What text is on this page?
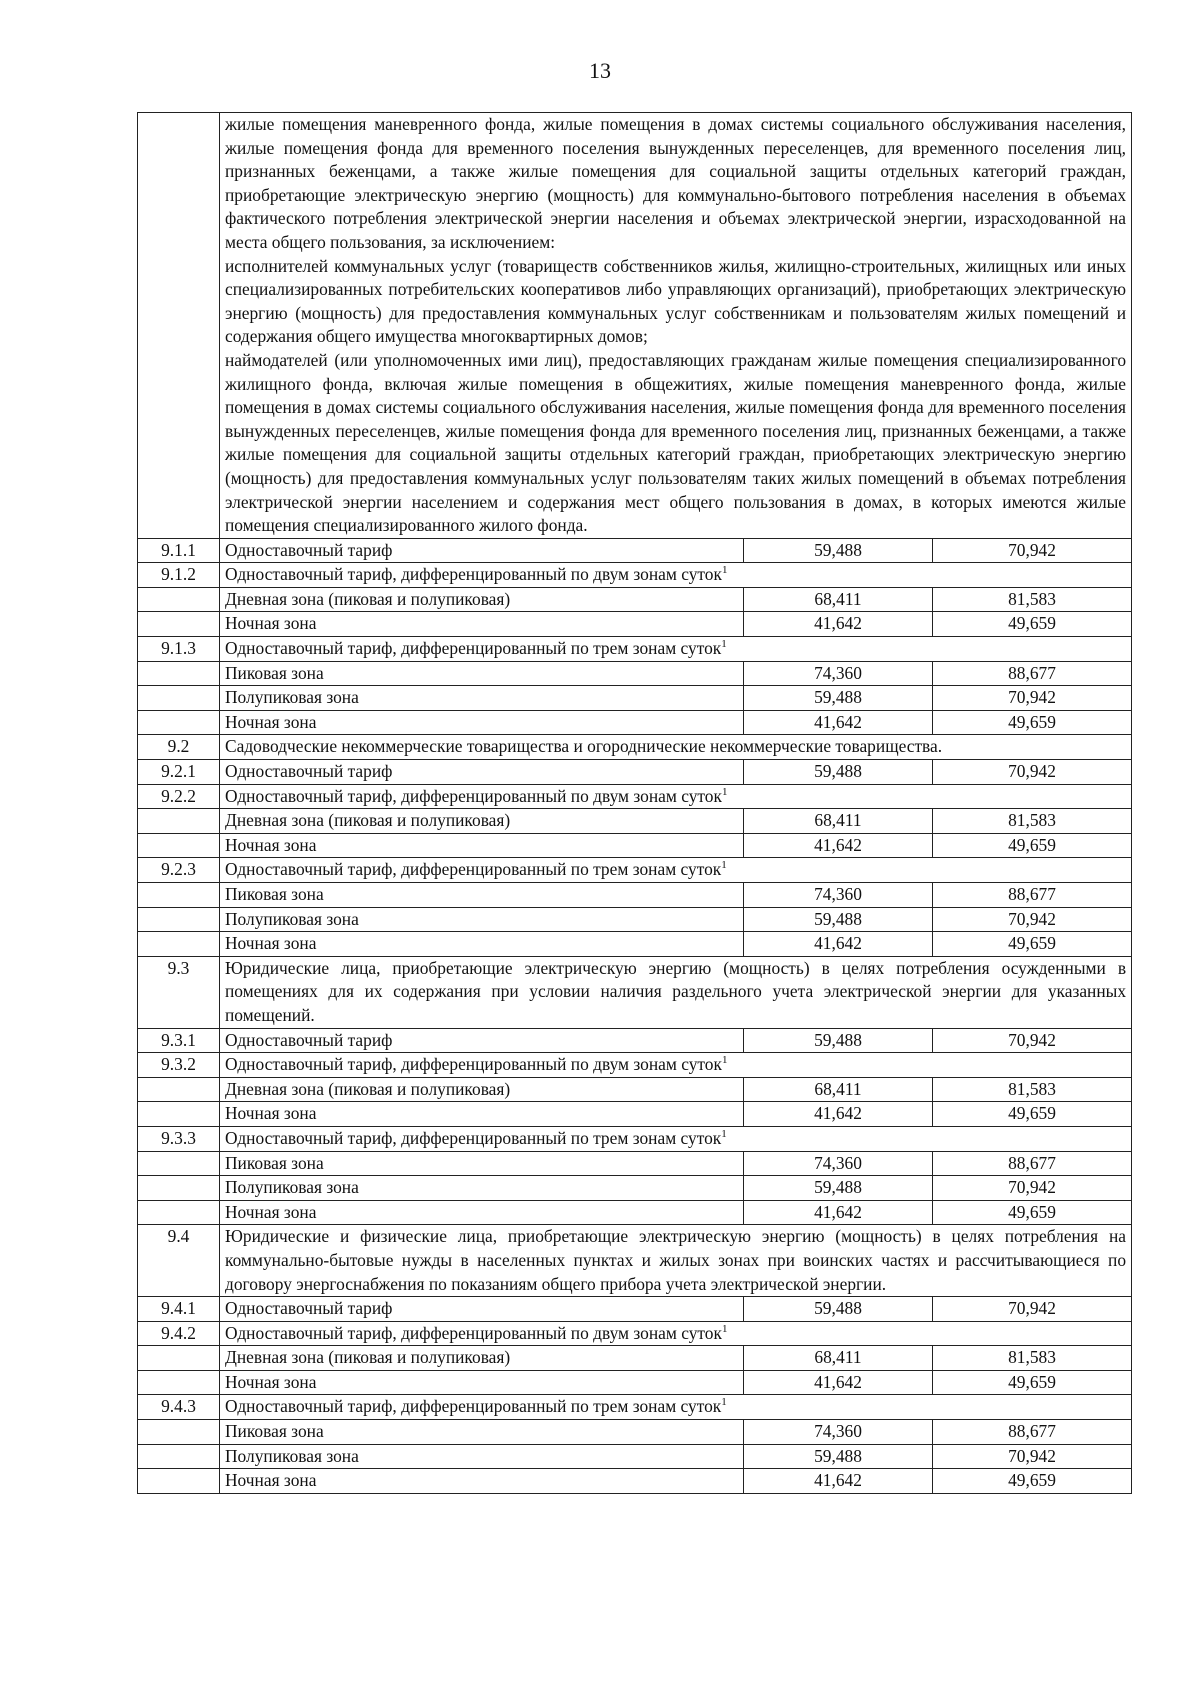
13

	жилые помещения маневренного фонда, жилые помещения в домах системы социального обслуживания населения, жилые помещения фонда для временного поселения вынужденных переселенцев, для временного поселения лиц, признанных беженцами, а также жилые помещения для социальной защиты отдельных категорий граждан, приобретающие электрическую энергию (мощность) для коммунально-бытового потребления населения в объемах фактического потребления электрической энергии населения и объемах электрической энергии, израсходованной на места общего пользования, за исключением:
исполнителей коммунальных услуг (товариществ собственников жилья, жилищно-строительных, жилищных или иных специализированных потребительских кооперативов либо управляющих организаций), приобретающих электрическую энергию (мощность) для предоставления коммунальных услуг собственникам и пользователям жилых помещений и содержания общего имущества многоквартирных домов;
наймодателей (или уполномоченных ими лиц), предоставляющих гражданам жилые помещения специализированного жилищного фонда, включая жилые помещения в общежитиях, жилые помещения маневренного фонда, жилые помещения в домах системы социального обслуживания населения, жилые помещения фонда для временного поселения вынужденных переселенцев, жилые помещения фонда для временного поселения лиц, признанных беженцами, а также жилые помещения для социальной защиты отдельных категорий граждан, приобретающих электрическую энергию (мощность) для предоставления коммунальных услуг пользователям таких жилых помещений в объемах потребления электрической энергии населением и содержания мест общего пользования в домах, в которых имеются жилые помещения специализированного жилого фонда.		

9.1.1	Одноставочный тариф	59,488	70,942
9.1.2	Одноставочный тариф, дифференцированный по двум зонам суток$^1$
	Дневная зона (пиковая и полупиковая)	68,411	81,583
	Ночная зона	41,642	49,659
9.1.3	Одноставочный тариф, дифференцированный по трем зонам суток$^1$
	Пиковая зона	74,360	88,677
	Полупиковая зона	59,488	70,942
	Ночная зона	41,642	49,659
9.2	Садоводческие некоммерческие товарищества и огороднические некоммерческие товарищества.		
9.2.1	Одноставочный тариф	59,488	70,942
9.2.2	Одноставочный тариф, дифференцированный по двум зонам суток$^1$
	Дневная зона (пиковая и полупиковая)	68,411	81,583
	Ночная зона	41,642	49,659
9.2.3	Одноставочный тариф, дифференцированный по трем зонам суток$^1$
	Пиковая зона	74,360	88,677
	Полупиковая зона	59,488	70,942
	Ночная зона	41,642	49,659
9.3	Юридические лица, приобретающие электрическую энергию (мощность) в целях потребления осужденными в помещениях для их содержания при условии наличия раздельного учета электрической энергии для указанных помещений.		
9.3.1	Одноставочный тариф	59,488	70,942
9.3.2	Одноставочный тариф, дифференцированный по двум зонам суток$^1$
	Дневная зона (пиковая и полупиковая)	68,411	81,583
	Ночная зона	41,642	49,659
9.3.3	Одноставочный тариф, дифференцированный по трем зонам суток$^1$
	Пиковая зона	74,360	88,677
	Полупиковая зона	59,488	70,942
	Ночная зона	41,642	49,659
9.4	Юридические и физические лица, приобретающие электрическую энергию (мощность) в целях потребления на коммунально-бытовые нужды в населенных пунктах и жилых зонах при воинских частях и рассчитывающиеся по договору энергоснабжения по показаниям общего прибора учета электрической энергии.		
9.4.1	Одноставочный тариф	59,488	70,942
9.4.2	Одноставочный тариф, дифференцированный по двум зонам суток$^1$
	Дневная зона (пиковая и полупиковая)	68,411	81,583
	Ночная зона	41,642	49,659
9.4.3	Одноставочный тариф, дифференцированный по трем зонам суток$^1$
	Пиковая зона	74,360	88,677
	Полупиковая зона	59,488	70,942
	Ночная зона	41,642	49,659
